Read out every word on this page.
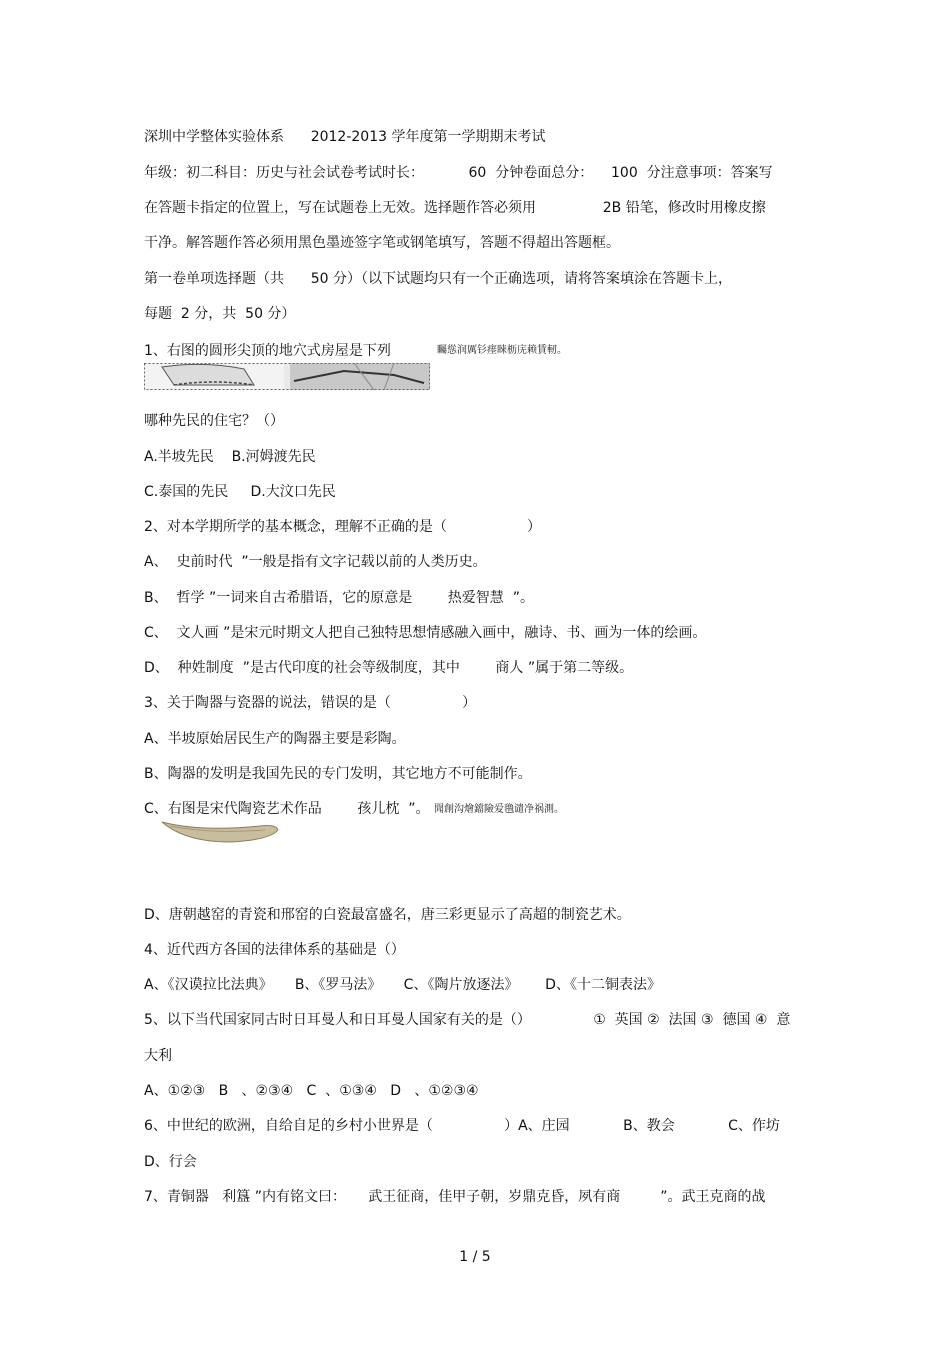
深圳中学整体实验体系      2012-2013 学年度第一学期期末考试
年级：初二科目：历史与社会试卷考试时长：          60  分钟卷面总分：    100  分注意事项：答案写
在答题卡指定的位置上，写在试题卷上无效。选择题作答必须用               2B 铅笔，修改时用橡皮擦
干净。解答题作答必须用黑色墨迹签字笔或钢笔填写，答题不得超出答题框。
第一卷单项选择题（共      50 分）（以下试题均只有一个正确选项，请将答案填涂在答题卡上，
每题  2 分，共  50 分）
1、右图的圆形尖顶的地穴式房屋是下列	矚慫润厲钐瘗睞枥庑赖賃軔。
哪种先民的住宅？（）
A.半坡先民    B.河姆渡先民
C.泰国的先民     D.大汶口先民
2、对本学期所学的基本概念，理解不正确的是（                  ）
A、  史前时代  ”一般是指有文字记载以前的人类历史。
B、  哲学 ”一词来自古希腊语，它的原意是        热爱智慧  ”。
C、  文人画 ”是宋元时期文人把自己独特思想情感融入画中，融诗、书、画为一体的绘画。
D、  种姓制度  ”是古代印度的社会等级制度，其中        商人 ”属于第二等级。
3、关于陶器与瓷器的说法，错误的是（                ）
A、半坡原始居民生产的陶器主要是彩陶。
B、陶器的发明是我国先民的专门发明，其它地方不可能制作。
C、右图是宋代陶瓷艺术作品        孩儿枕  ”。 聞創沟燴鐺險爱氇谴净祸測。
D、唐朝越窑的青瓷和邢窑的白瓷最富盛名，唐三彩更显示了高超的制瓷艺术。
4、近代西方各国的法律体系的基础是（）
A、《汉谟拉比法典》     B、《罗马法》     C、《陶片放逐法》      D、《十二铜表法》
5、以下当代国家同古时日耳曼人和日耳曼人国家有关的是（）              ①  英国 ②  法国 ③  德国 ④  意
大利
A、①②③   B   、②③④   C  、①③④   D   、①②③④
6、中世纪的欧洲，自给自足的乡村小世界是（                ）A、庄园            B、教会            C、作坊
D、行会
7、青铜器   利簋 ”内有铭文曰：     武王征商，佳甲子朝，岁鼎克昏，夙有商         ”。武王克商的战
1 / 5
